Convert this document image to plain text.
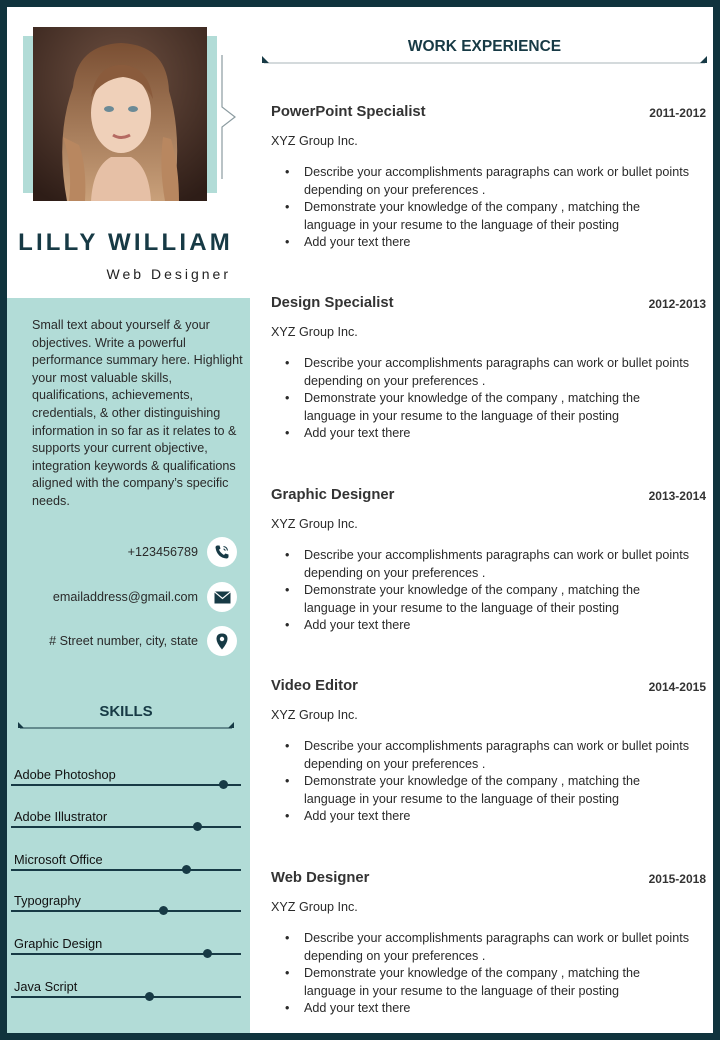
LILLY WILLIAM
Web Designer
Small text about yourself & your objectives. Write a powerful performance summary here. Highlight your most valuable skills, qualifications, achievements, credentials, & other distinguishing information in so far as it relates to & supports your current objective, integration keywords & qualifications aligned with the company’s specific needs.
+123456789
emailaddress@gmail.com
# Street number, city, state
SKILLS
Adobe Photoshop
Adobe Illustrator
Microsoft Office
Typography
Graphic Design
Java Script
WORK EXPERIENCE
PowerPoint Specialist	2011-2012
XYZ Group Inc.
• Describe your accomplishments paragraphs can work or bullet points depending on your preferences .
• Demonstrate your knowledge of the company , matching the language in your resume to the language of their posting
• Add your text there
Design Specialist	2012-2013
XYZ Group Inc.
• Describe your accomplishments paragraphs can work or bullet points depending on your preferences .
• Demonstrate your knowledge of the company , matching the language in your resume to the language of their posting
• Add your text there
Graphic Designer	2013-2014
XYZ Group Inc.
• Describe your accomplishments paragraphs can work or bullet points depending on your preferences .
• Demonstrate your knowledge of the company , matching the language in your resume to the language of their posting
• Add your text there
Video Editor	2014-2015
XYZ Group Inc.
• Describe your accomplishments paragraphs can work or bullet points depending on your preferences .
• Demonstrate your knowledge of the company , matching the language in your resume to the language of their posting
• Add your text there
Web Designer	2015-2018
XYZ Group Inc.
• Describe your accomplishments paragraphs can work or bullet points depending on your preferences .
• Demonstrate your knowledge of the company , matching the language in your resume to the language of their posting
• Add your text there
